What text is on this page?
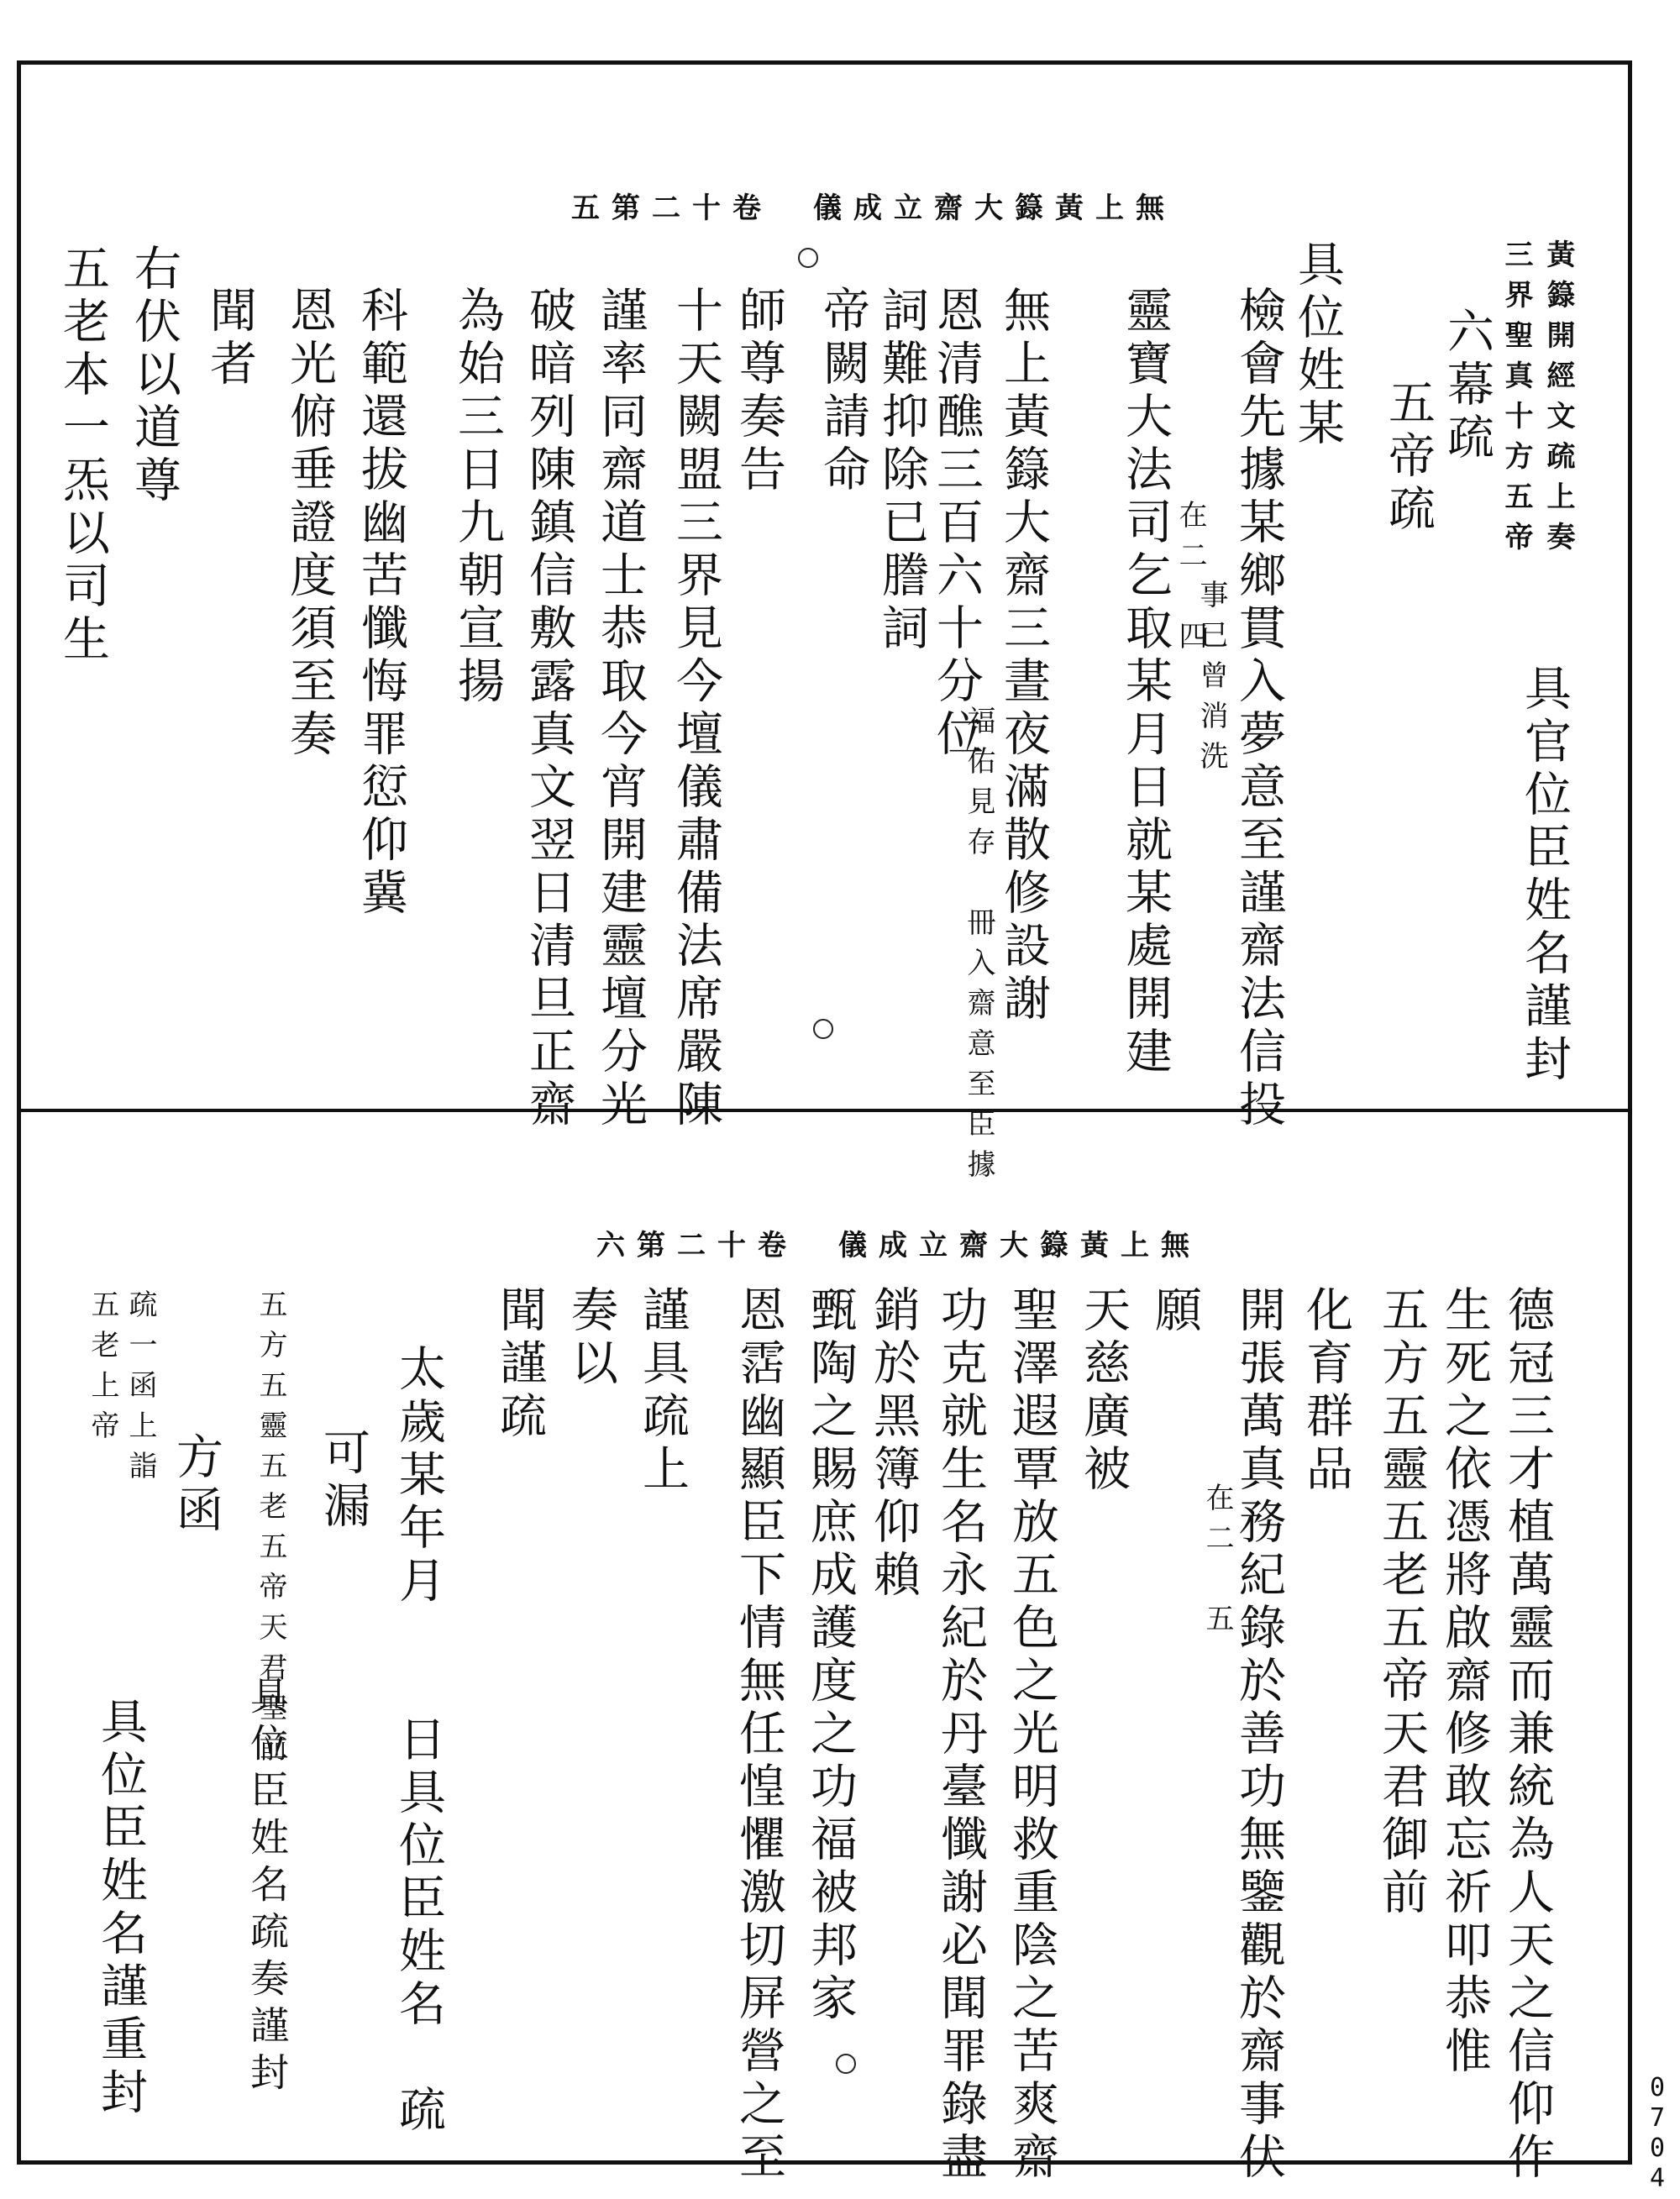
五第二十卷　儀成立齋大籙黃上無
黃籙開經文疏上奏
三界聖真十方五帝
六幕疏
五帝疏
具官位臣姓名謹封
具位姓某
檢會先據某鄉貫入夢意至謹齋法信投
事已曾消洗
靈寶大法司乞取某月日就某處開建 在二　四
無上黃籙大齋三晝夜滿散修設謝
恩清醮三百六十分位
福佑見存　冊入齋意至臣據
詞難抑除已謄詞
帝闕請命
師尊奏告
十天闕盟三界見今壇儀肅備法席嚴陳
謹率同齋道士恭取今宵開建靈壇分光
破暗列陳鎮信敷露真文翌日清旦正齋
為始三日九朝宣揚
科範還拔幽苦懺悔罪愆仰冀
恩光俯垂證度須至奏
聞者
右伏以道尊
五老本一炁以司生
六第二十卷　儀成立齋大籙黃上無
德冠三才植萬靈而兼統為人天之信仰作
生死之依憑將啟齋修敢忘祈叩恭惟
五方五靈五老五帝天君御前
化育群品
在二　五
開張萬真務紀錄於善功無鑒觀於齋事伏
願
天慈廣被
聖澤遐覃放五色之光明救重陰之苦爽齋
功克就生名永紀於丹臺懺謝必聞罪錄盡
銷於黑簿仰賴
甄陶之賜庶成護度之功福被邦家
恩霑幽顯臣下情無任惶懼激切屏營之至
謹具疏上
奏以
聞謹疏
太歲某年月　　日具位臣姓名　疏
可漏
五方五靈五老五帝天君聖前
具位臣姓名疏奏謹封
方函
疏一函上詣
五老上帝
具位臣姓名謹重封	0704
